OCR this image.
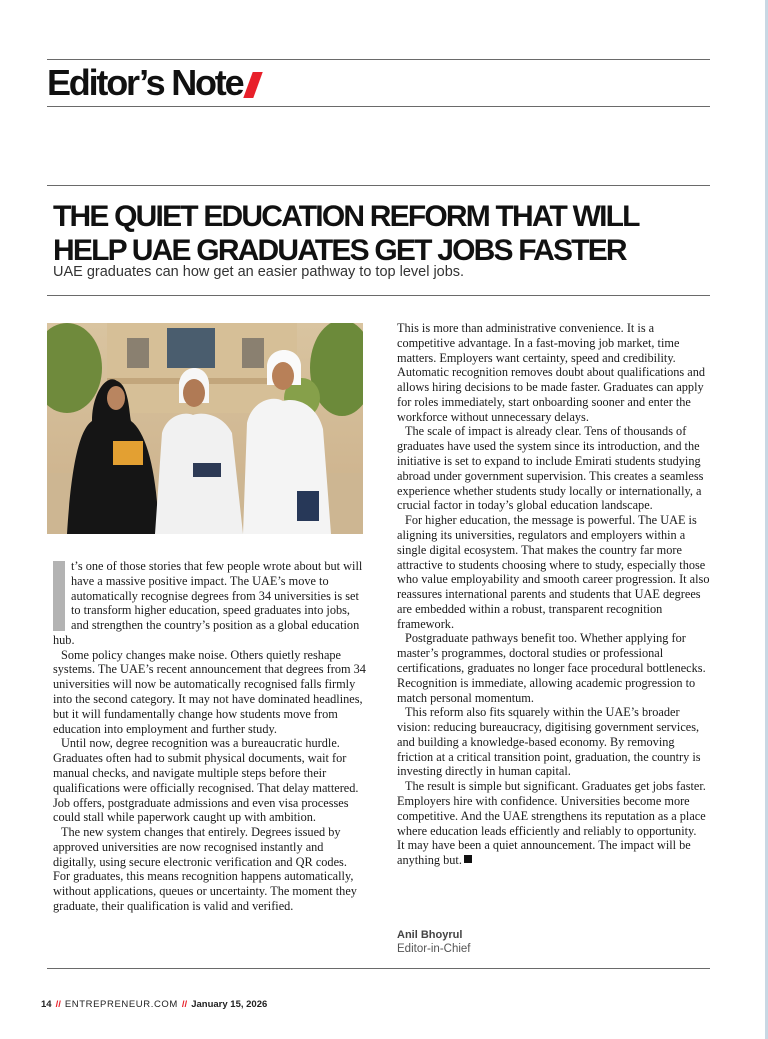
Editor’s Note
THE QUIET EDUCATION REFORM THAT WILL
HELP UAE GRADUATES GET JOBS FASTER
UAE graduates can how get an easier pathway to top level jobs.

t’s one of those stories that few people wrote about but will have a massive positive impact. The UAE’s move to automatically recognise degrees from 34 universities is set to transform higher education, speed graduates into jobs, and strengthen the country’s position as a global education hub.

Some policy changes make noise. Others quietly reshape systems. The UAE’s recent announcement that degrees from 34 universities will now be automatically recognised falls firmly into the second category. It may not have dominated headlines, but it will fundamentally change how students move from education into employment and further study.

Until now, degree recognition was a bureaucratic hurdle. Graduates often had to submit physical documents, wait for manual checks, and navigate multiple steps before their qualifications were officially recognised. That delay mattered. Job offers, postgraduate admissions and even visa processes could stall while paperwork caught up with ambition.

The new system changes that entirely. Degrees issued by approved universities are now recognised instantly and digitally, using secure electronic verification and QR codes. For graduates, this means recognition happens automatically, without applications, queues or uncertainty. The moment they graduate, their qualification is valid and verified.

This is more than administrative convenience. It is a competitive advantage. In a fast-moving job market, time matters. Employers want certainty, speed and credibility. Automatic recognition removes doubt about qualifications and allows hiring decisions to be made faster. Graduates can apply for roles immediately, start onboarding sooner and enter the workforce without unnecessary delays.

The scale of impact is already clear. Tens of thousands of graduates have used the system since its introduction, and the initiative is set to expand to include Emirati students studying abroad under government supervision. This creates a seamless experience whether students study locally or internationally, a crucial factor in today’s global education landscape.

For higher education, the message is powerful. The UAE is aligning its universities, regulators and employers within a single digital ecosystem. That makes the country far more attractive to students choosing where to study, especially those who value employability and smooth career progression. It also reassures international parents and students that UAE degrees are embedded within a robust, transparent recognition framework.

Postgraduate pathways benefit too. Whether applying for master’s programmes, doctoral studies or professional certifications, graduates no longer face procedural bottlenecks. Recognition is immediate, allowing academic progression to match personal momentum.

This reform also fits squarely within the UAE’s broader vision: reducing bureaucracy, digitising government services, and building a knowledge-based economy. By removing friction at a critical transition point, graduation, the country is investing directly in human capital.

The result is simple but significant. Graduates get jobs faster. Employers hire with confidence. Universities become more competitive. And the UAE strengthens its reputation as a place where education leads efficiently and reliably to opportunity.

It may have been a quiet announcement. The impact will be anything but.

Anil Bhoyrul
Editor-in-Chief
14 // ENTREPRENEUR.COM // January 15, 2026
